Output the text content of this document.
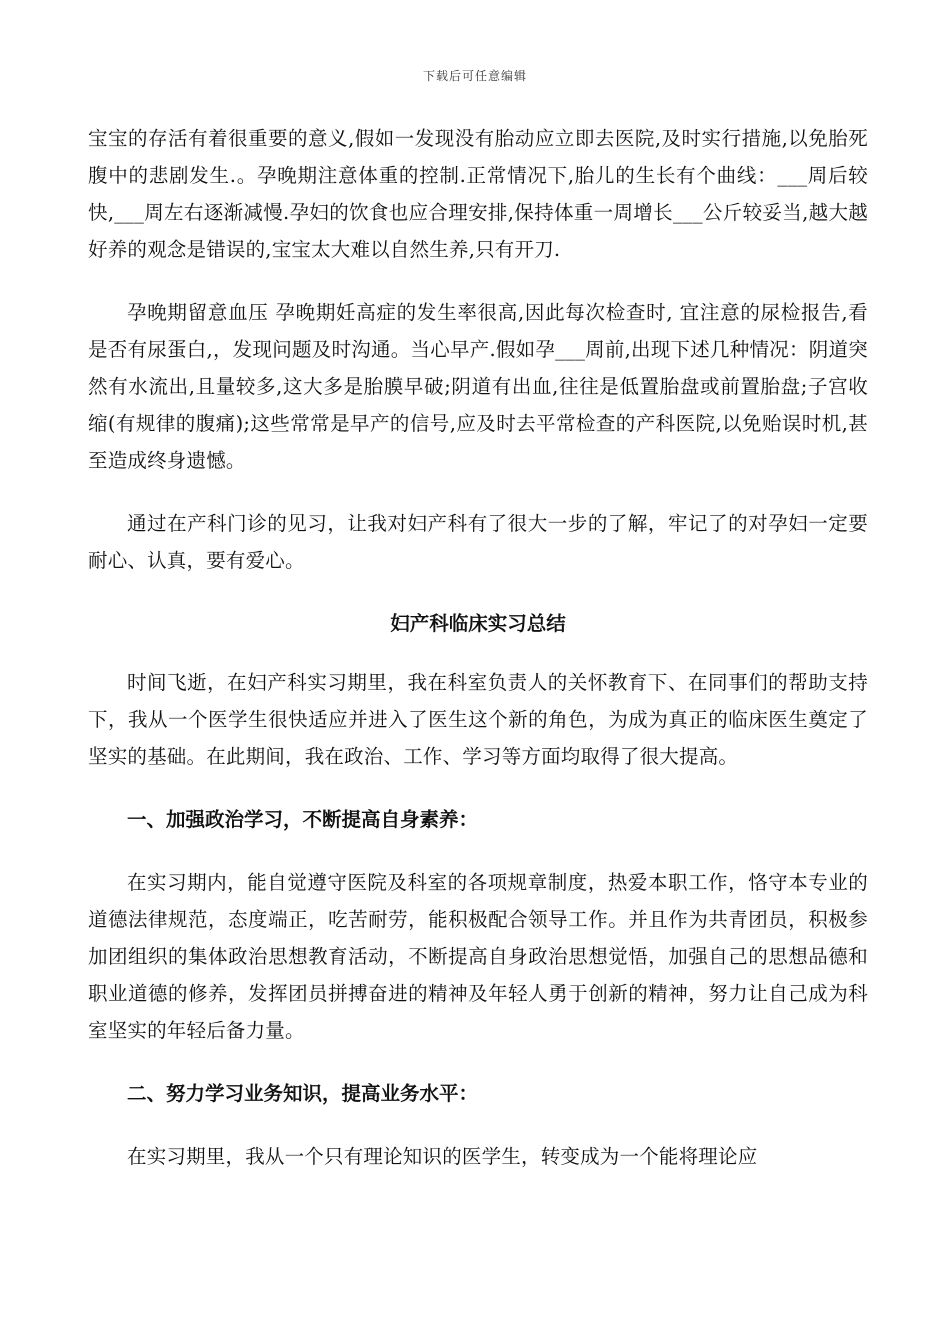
下载后可任意编辑

宝宝的存活有着很重要的意义,假如一发现没有胎动应立即去医院,及时实行措施,以免胎死腹中的悲剧发生.。孕晚期注意体重的控制.正常情况下,胎儿的生长有个曲线：___周后较快,___周左右逐渐减慢.孕妇的饮食也应合理安排,保持体重一周增长___公斤较妥当,越大越好养的观念是错误的,宝宝太大难以自然生养,只有开刀.

孕晚期留意血压 孕晚期妊高症的发生率很高,因此每次检查时, 宜注意的尿检报告,看是否有尿蛋白,，发现问题及时沟通。当心早产.假如孕___周前,出现下述几种情况：阴道突然有水流出,且量较多,这大多是胎膜早破;阴道有出血,往往是低置胎盘或前置胎盘;子宫收缩(有规律的腹痛);这些常常是早产的信号,应及时去平常检查的产科医院,以免贻误时机,甚至造成终身遗憾。

通过在产科门诊的见习，让我对妇产科有了很大一步的了解，牢记了的对孕妇一定要耐心、认真，要有爱心。

妇产科临床实习总结

时间飞逝，在妇产科实习期里，我在科室负责人的关怀教育下、在同事们的帮助支持下，我从一个医学生很快适应并进入了医生这个新的角色，为成为真正的临床医生奠定了坚实的基础。在此期间，我在政治、工作、学习等方面均取得了很大提高。

一、加强政治学习，不断提高自身素养：

在实习期内，能自觉遵守医院及科室的各项规章制度，热爱本职工作，恪守本专业的道德法律规范，态度端正，吃苦耐劳，能积极配合领导工作。并且作为共青团员，积极参加团组织的集体政治思想教育活动，不断提高自身政治思想觉悟，加强自己的思想品德和职业道德的修养，发挥团员拼搏奋进的精神及年轻人勇于创新的精神，努力让自己成为科室坚实的年轻后备力量。

二、努力学习业务知识，提高业务水平：

在实习期里，我从一个只有理论知识的医学生，转变成为一个能将理论应
